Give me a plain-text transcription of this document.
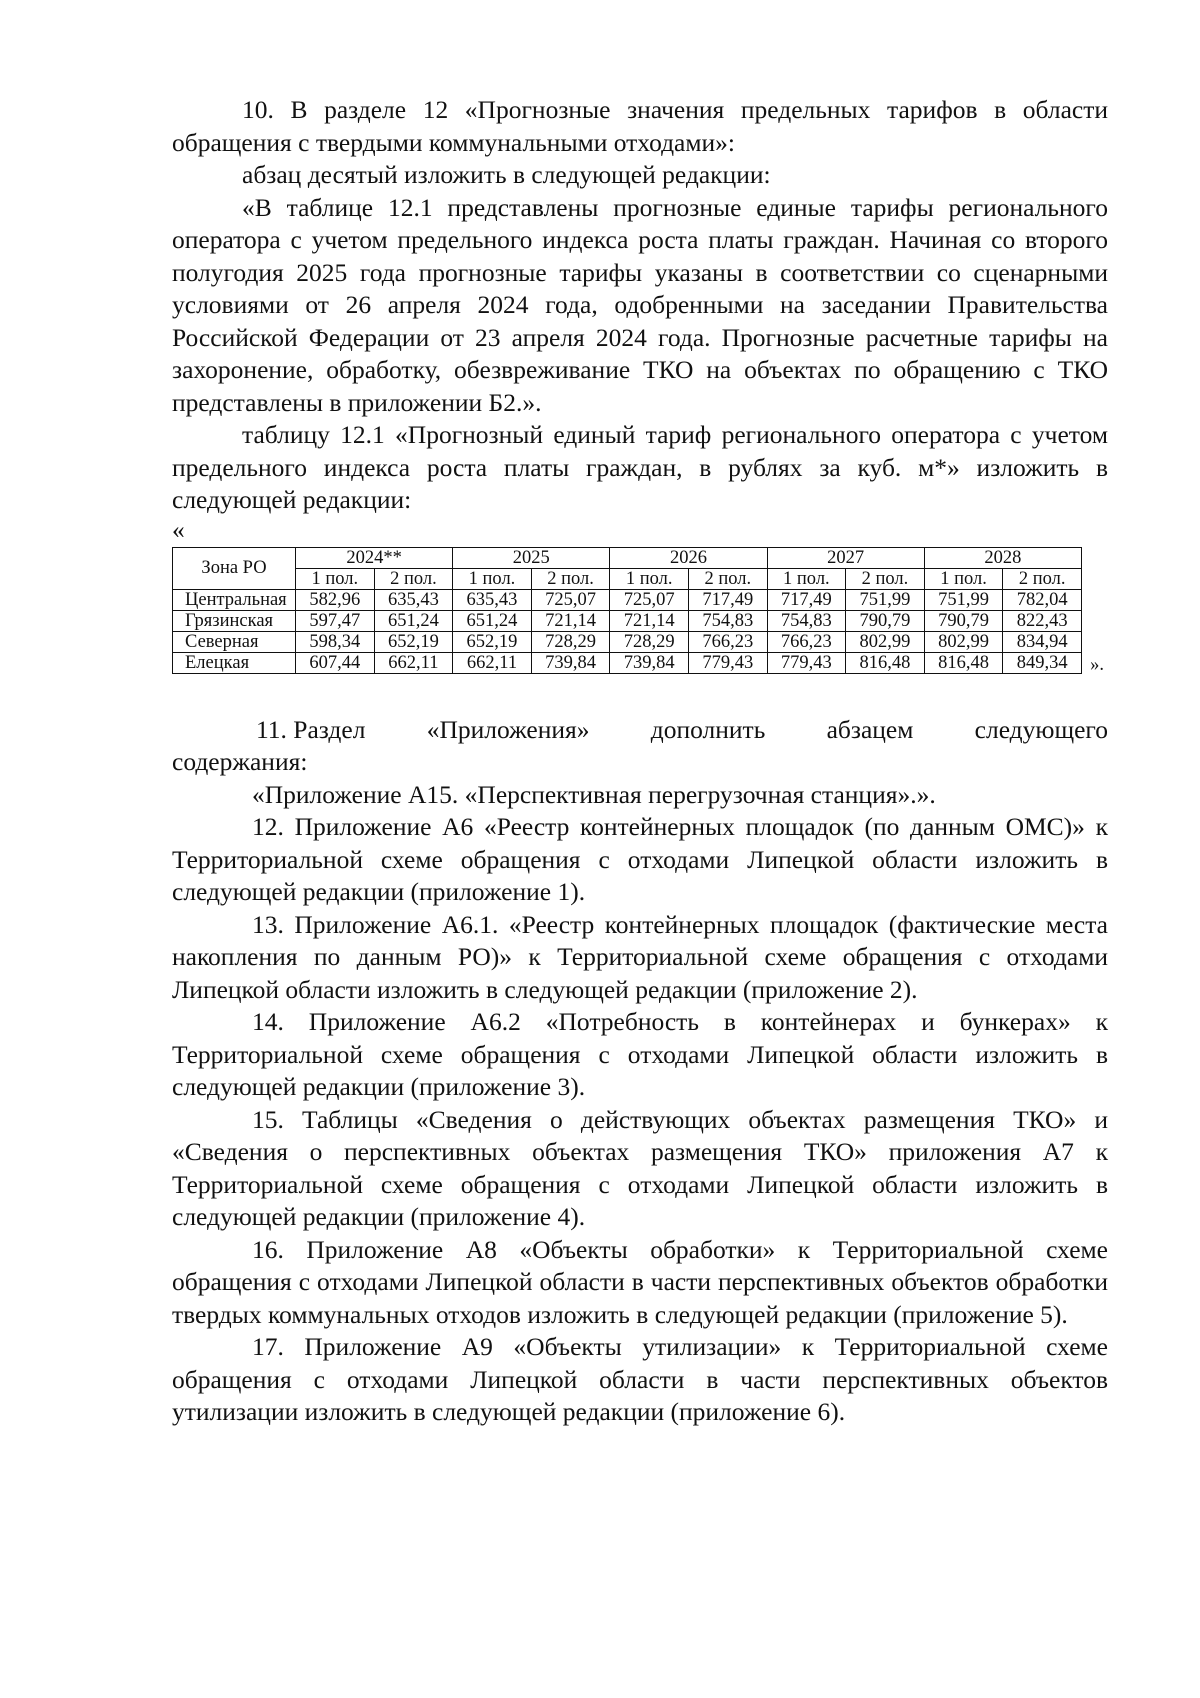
10. В разделе 12 «Прогнозные значения предельных тарифов в области обращения с твердыми коммунальными отходами»:

абзац десятый изложить в следующей редакции:

«В таблице 12.1 представлены прогнозные единые тарифы регионального оператора с учетом предельного индекса роста платы граждан. Начиная со второго полугодия 2025 года прогнозные тарифы указаны в соответствии со сценарными условиями от 26 апреля 2024 года, одобренными на заседании Правительства Российской Федерации от 23 апреля 2024 года. Прогнозные расчетные тарифы на захоронение, обработку, обезвреживание ТКО на объектах по обращению с ТКО представлены в приложении Б2.».

таблицу 12.1 «Прогнозный единый тариф регионального оператора с учетом предельного индекса роста платы граждан, в рублях за куб. м*» изложить в следующей редакции:

«

Зона РО	2024**		2025		2026		2027		2028	
	1 пол.	2 пол.	1 пол.	2 пол.	1 пол.	2 пол.	1 пол.	2 пол.	1 пол.	2 пол.
Центральная	582,96	635,43	635,43	725,07	725,07	717,49	717,49	751,99	751,99	782,04
Грязинская	597,47	651,24	651,24	721,14	721,14	754,83	754,83	790,79	790,79	822,43
Северная	598,34	652,19	652,19	728,29	728,29	766,23	766,23	802,99	802,99	834,94
Елецкая	607,44	662,11	662,11	739,84	739,84	779,43	779,43	816,48	816,48	849,34 ».
11. Раздел «Приложения» дополнить абзацем следующего

содержания:

«Приложение А15. «Перспективная перегрузочная станция».».

12. Приложение А6 «Реестр контейнерных площадок (по данным ОМС)» к Территориальной схеме обращения с отходами Липецкой области изложить в следующей редакции (приложение 1).

13. Приложение А6.1. «Реестр контейнерных площадок (фактические места накопления по данным РО)» к Территориальной схеме обращения с отходами Липецкой области изложить в следующей редакции (приложение 2).

14. Приложение А6.2 «Потребность в контейнерах и бункерах» к Территориальной схеме обращения с отходами Липецкой области изложить в следующей редакции (приложение 3).

15. Таблицы «Сведения о действующих объектах размещения ТКО» и «Сведения о перспективных объектах размещения ТКО» приложения А7 к Территориальной схеме обращения с отходами Липецкой области изложить в следующей редакции (приложение 4).

16. Приложение А8 «Объекты обработки» к Территориальной схеме обращения с отходами Липецкой области в части перспективных объектов обработки твердых коммунальных отходов изложить в следующей редакции (приложение 5).

17. Приложение А9 «Объекты утилизации» к Территориальной схеме обращения с отходами Липецкой области в части перспективных объектов утилизации изложить в следующей редакции (приложение 6).
